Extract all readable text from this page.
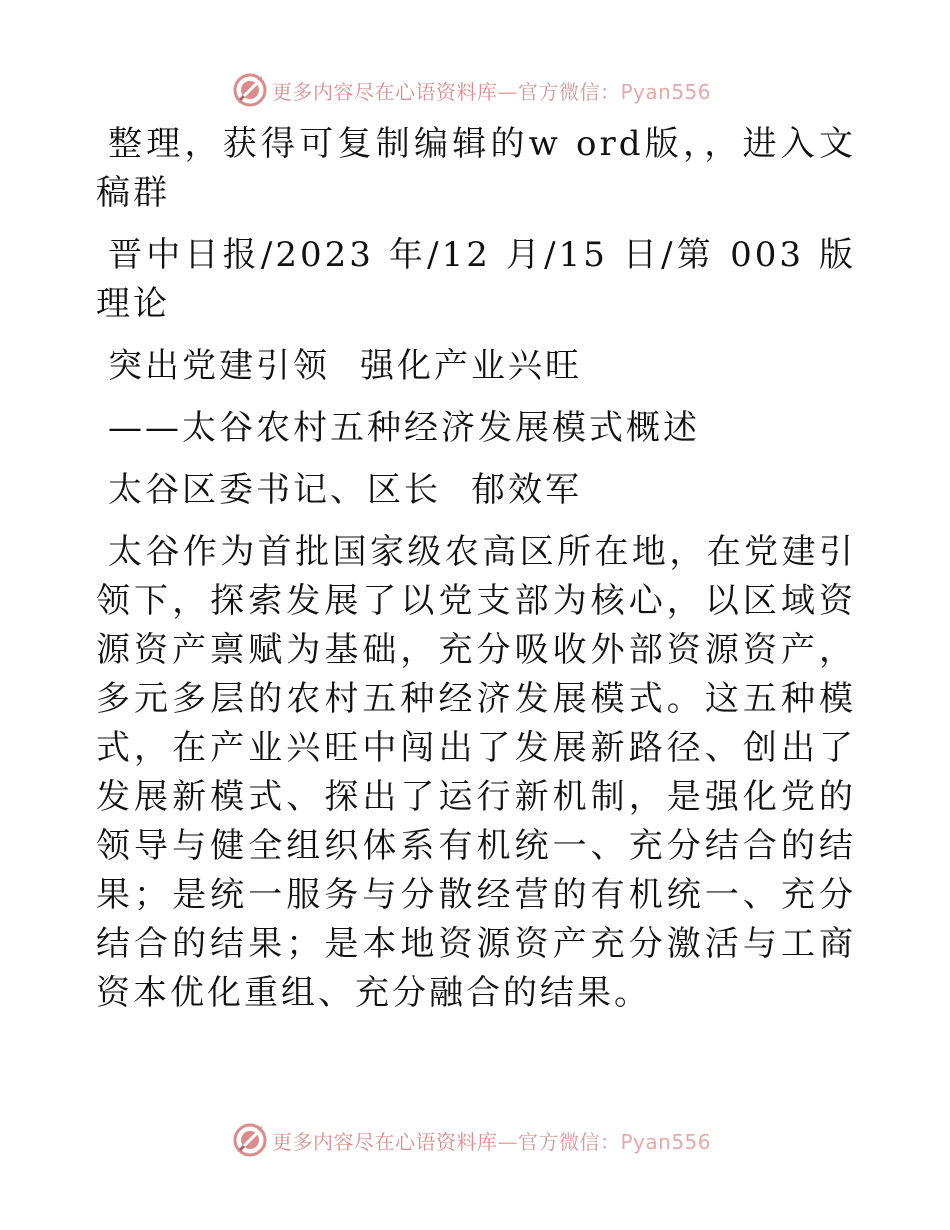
更多内容尽在心语资料库—官方微信：Pyan556

整理，获得可复制编辑的w ord版，，进入文稿群

晋中日报/2023 年/12 月/15 日/第 003 版理论

突出党建引领 强化产业兴旺

——太谷农村五种经济发展模式概述

太谷区委书记、区长 郁效军

太谷作为首批国家级农高区所在地，在党建引领下，探索发展了以党支部为核心，以区域资源资产禀赋为基础，充分吸收外部资源资产，多元多层的农村五种经济发展模式。这五种模式，在产业兴旺中闯出了发展新路径、创出了发展新模式、探出了运行新机制，是强化党的领导与健全组织体系有机统一、充分结合的结果；是统一服务与分散经营的有机统一、充分结合的结果；是本地资源资产充分激活与工商资本优化重组、充分融合的结果。

更多内容尽在心语资料库—官方微信：Pyan556
